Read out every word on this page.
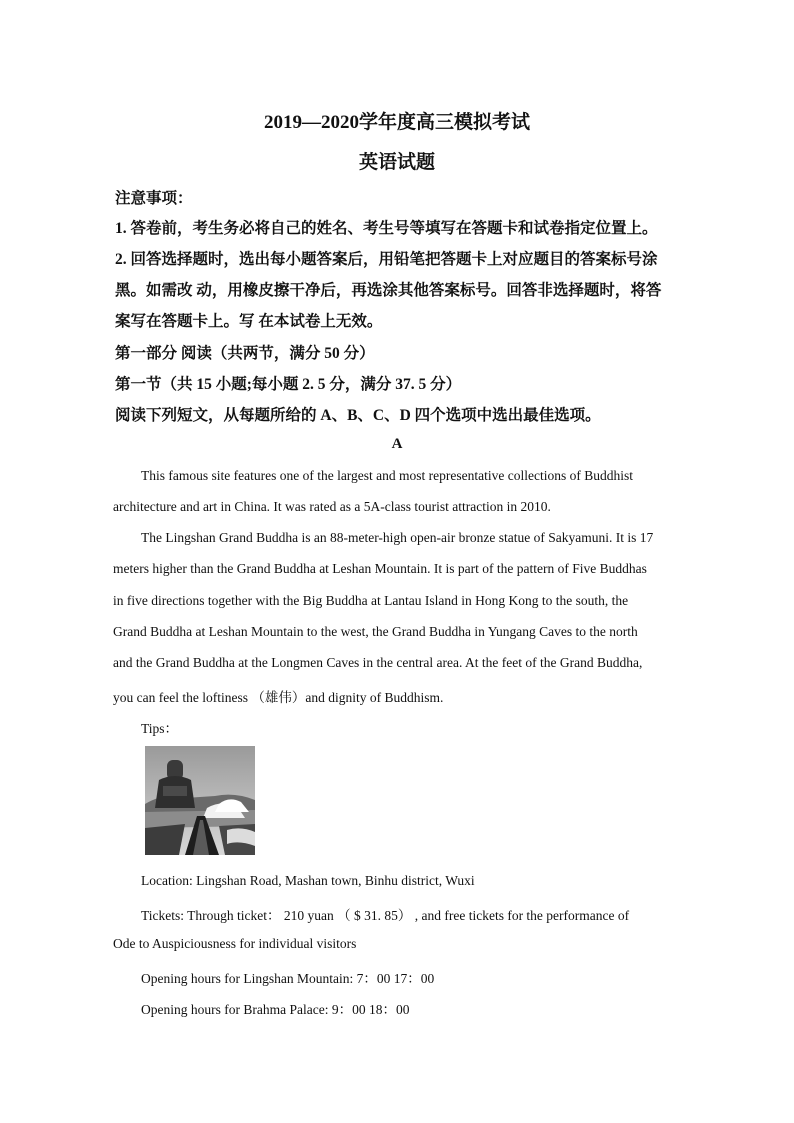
2019—2020学年度高三模拟考试
英语试题
注意事项：
1. 答卷前，考生务必将自己的姓名、考生号等填写在答题卡和试卷指定位置上。
2. 回答选择题时，选出每小题答案后，用铅笔把答题卡上对应题目的答案标号涂
黑。如需改 动，用橡皮擦干净后，再选涂其他答案标号。回答非选择题时，将答
案写在答题卡上。写 在本试卷上无效。
第一部分 阅读（共两节，满分 50 分）
第一节（共 15 小题;每小题 2. 5 分，满分 37. 5 分）
阅读下列短文，从每题所给的 A、B、C、D 四个选项中选出最佳选项。
A
This famous site features one of the largest and most representative collections of Buddhist
architecture and art in China. It was rated as a 5A-class tourist attraction in 2010.
The Lingshan Grand Buddha is an 88-meter-high open-air bronze statue of Sakyamuni. It is 17
meters higher than the Grand Buddha at Leshan Mountain. It is part of the pattern of Five Buddhas
in five directions together with the Big Buddha at Lantau Island in Hong Kong to the south, the
Grand Buddha at Leshan Mountain to the west, the Grand Buddha in Yungang Caves to the north
and the Grand Buddha at the Longmen Caves in the central area. At the feet of the Grand Buddha,
you can feel the loftiness （雄伟）and dignity of Buddhism.
Tips：
Location: Lingshan Road, Mashan town, Binhu district, Wuxi
Tickets: Through ticket： 210 yuan （ $ 31. 85） , and free tickets for the performance of
Ode to Auspiciousness for individual visitors
Opening hours for Lingshan Mountain: 7：00 17：00
Opening hours for Brahma Palace: 9：00 18：00
